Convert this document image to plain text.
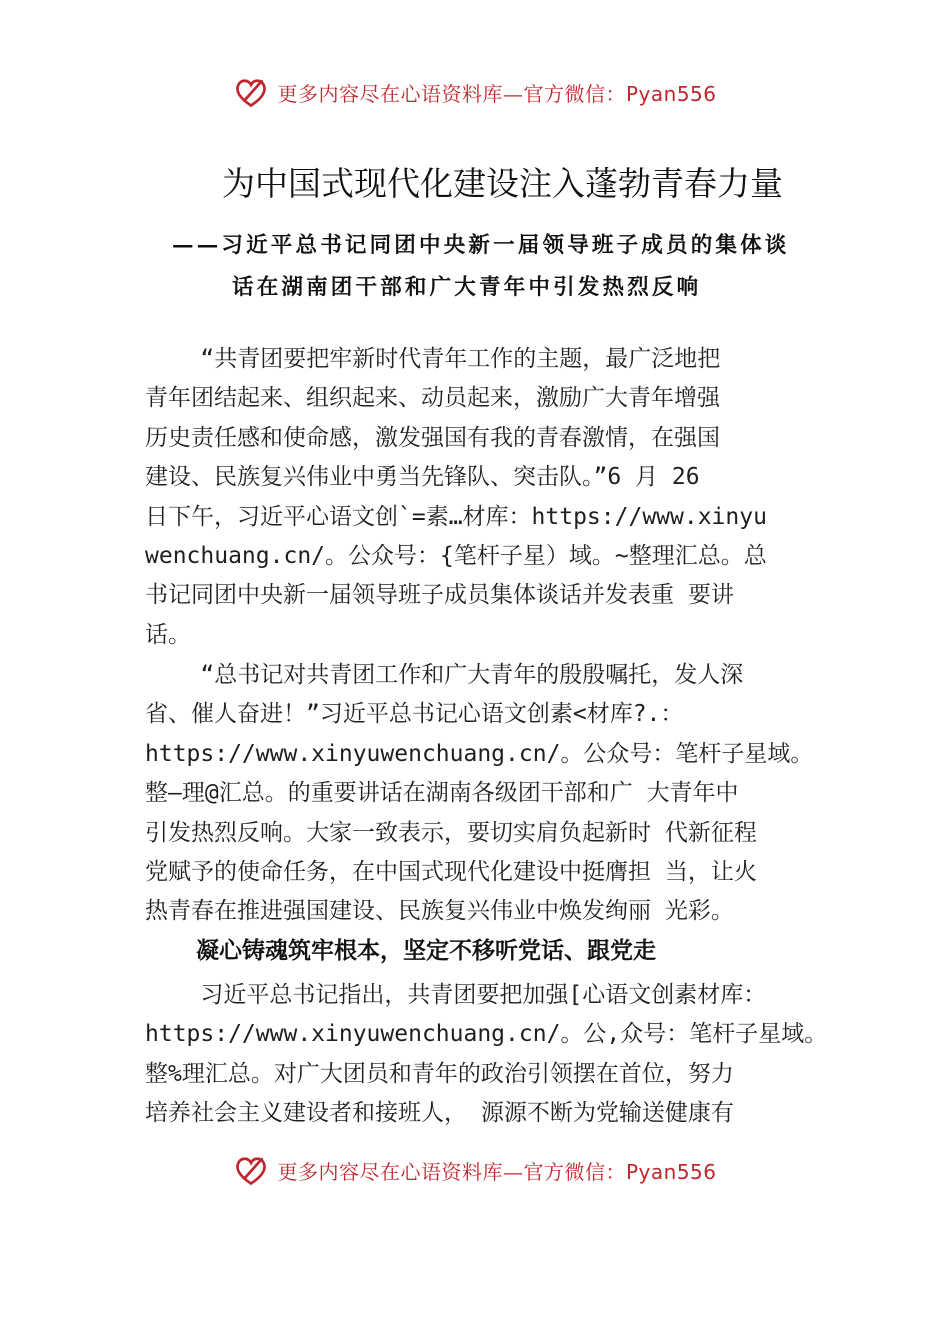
更多内容尽在心语资料库—官方微信：Pyan556
为中国式现代化建设注入蓬勃青春力量
——习近平总书记同团中央新一届领导班子成员的集体谈
话在湖南团干部和广大青年中引发热烈反响
“共青团要把牢新时代青年工作的主题，最广泛地把
青年团结起来、组织起来、动员起来，激励广大青年增强
历史责任感和使命感，激发强国有我的青春激情，在强国
建设、民族复兴伟业中勇当先锋队、突击队。”6 月 26
日下午，习近平心语文创`=素…材库：https://www.xinyu
wenchuang.cn/。公众号：{笔杆子星）域。~整理汇总。总
书记同团中央新一届领导班子成员集体谈话并发表重 要讲
话。
“总书记对共青团工作和广大青年的殷殷嘱托，发人深
省、催人奋进！”习近平总书记心语文创素<材库?.：
https://www.xinyuwenchuang.cn/。公众号：笔杆子星域。
整—理@汇总。的重要讲话在湖南各级团干部和广 大青年中
引发热烈反响。大家一致表示，要切实肩负起新时 代新征程
党赋予的使命任务，在中国式现代化建设中挺膺担 当，让火
热青春在推进强国建设、民族复兴伟业中焕发绚丽 光彩。
凝心铸魂筑牢根本，坚定不移听党话、跟党走
习近平总书记指出，共青团要把加强[心语文创素材库：
https://www.xinyuwenchuang.cn/。公,众号：笔杆子星域。
整%理汇总。对广大团员和青年的政治引领摆在首位，努力
培养社会主义建设者和接班人， 源源不断为党输送健康有
更多内容尽在心语资料库—官方微信：Pyan556
